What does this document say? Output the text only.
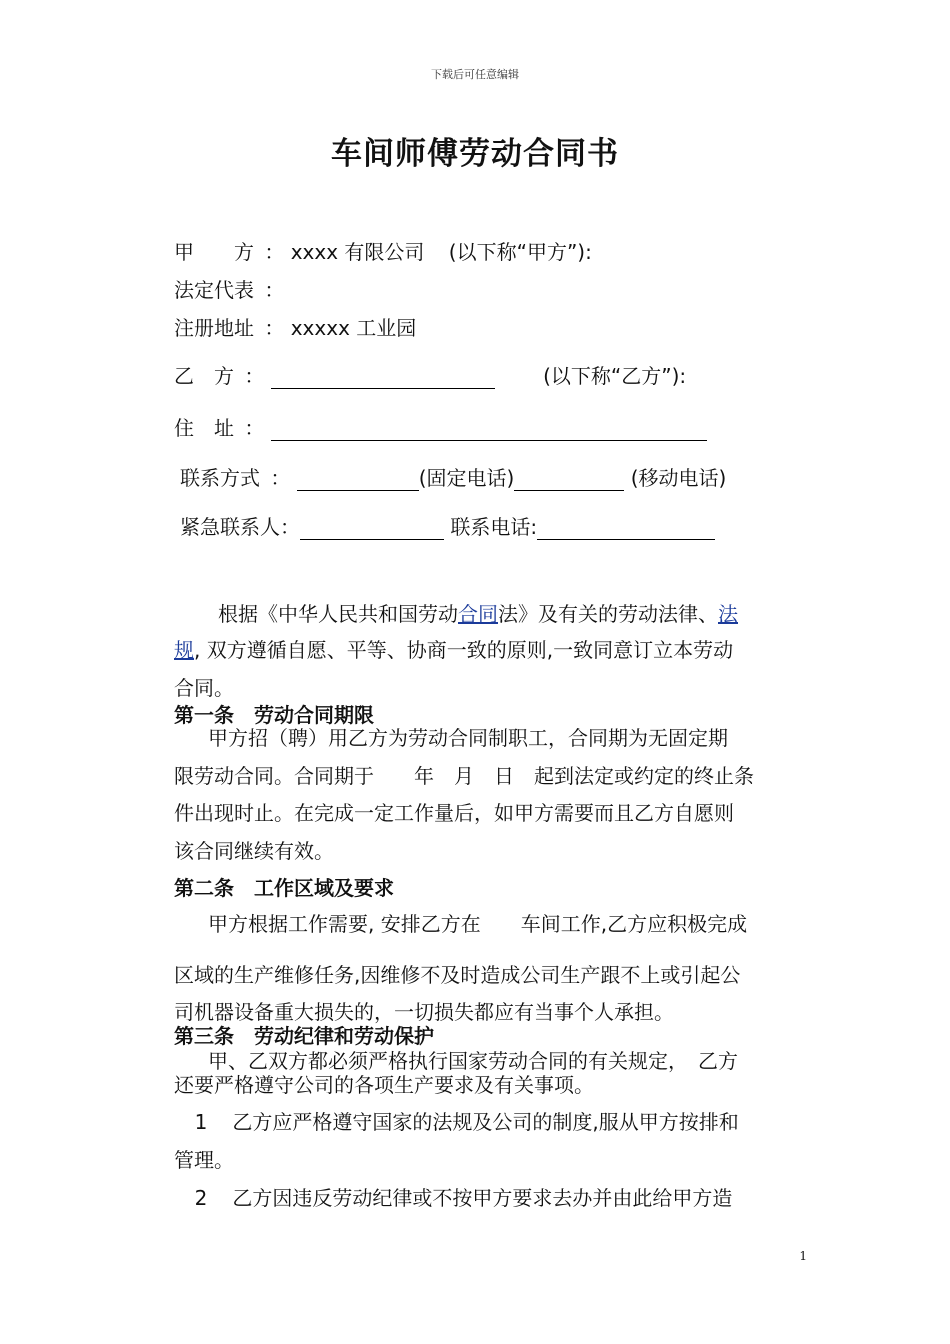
下载后可任意编辑
车间师傅劳动合同书
甲　　方 ： xxxx 有限公司 (以下称“甲方”):
法定代表 ：
注册地址 ： xxxxx 工业园
乙　方 ：	(以下称“乙方”):
住　址 ：
联系方式 ：	(固定电话)	(移动电话)
紧急联系人：	联系电话:
根据《中华人民共和国劳动合同法》及有关的劳动法律、法
规, 双方遵循自愿、平等、协商一致的原则,一致同意订立本劳动
合同。
第一条　劳动合同期限
甲方招（聘）用乙方为劳动合同制职工，合同期为无固定期
限劳动合同。合同期于　　年　月　日　起到法定或约定的终止条
件出现时止。在完成一定工作量后，如甲方需要而且乙方自愿则
该合同继续有效。
第二条　工作区域及要求
甲方根据工作需要, 安排乙方在　　车间工作,乙方应积极完成
区域的生产维修任务,因维修不及时造成公司生产跟不上或引起公
司机器设备重大损失的，一切损失都应有当事个人承担。
第三条　劳动纪律和劳动保护
甲、乙双方都必须严格执行国家劳动合同的有关规定，　乙方
还要严格遵守公司的各项生产要求及有关事项。
1 乙方应严格遵守国家的法规及公司的制度,服从甲方按排和
管理。
2 乙方因违反劳动纪律或不按甲方要求去办并由此给甲方造
1
